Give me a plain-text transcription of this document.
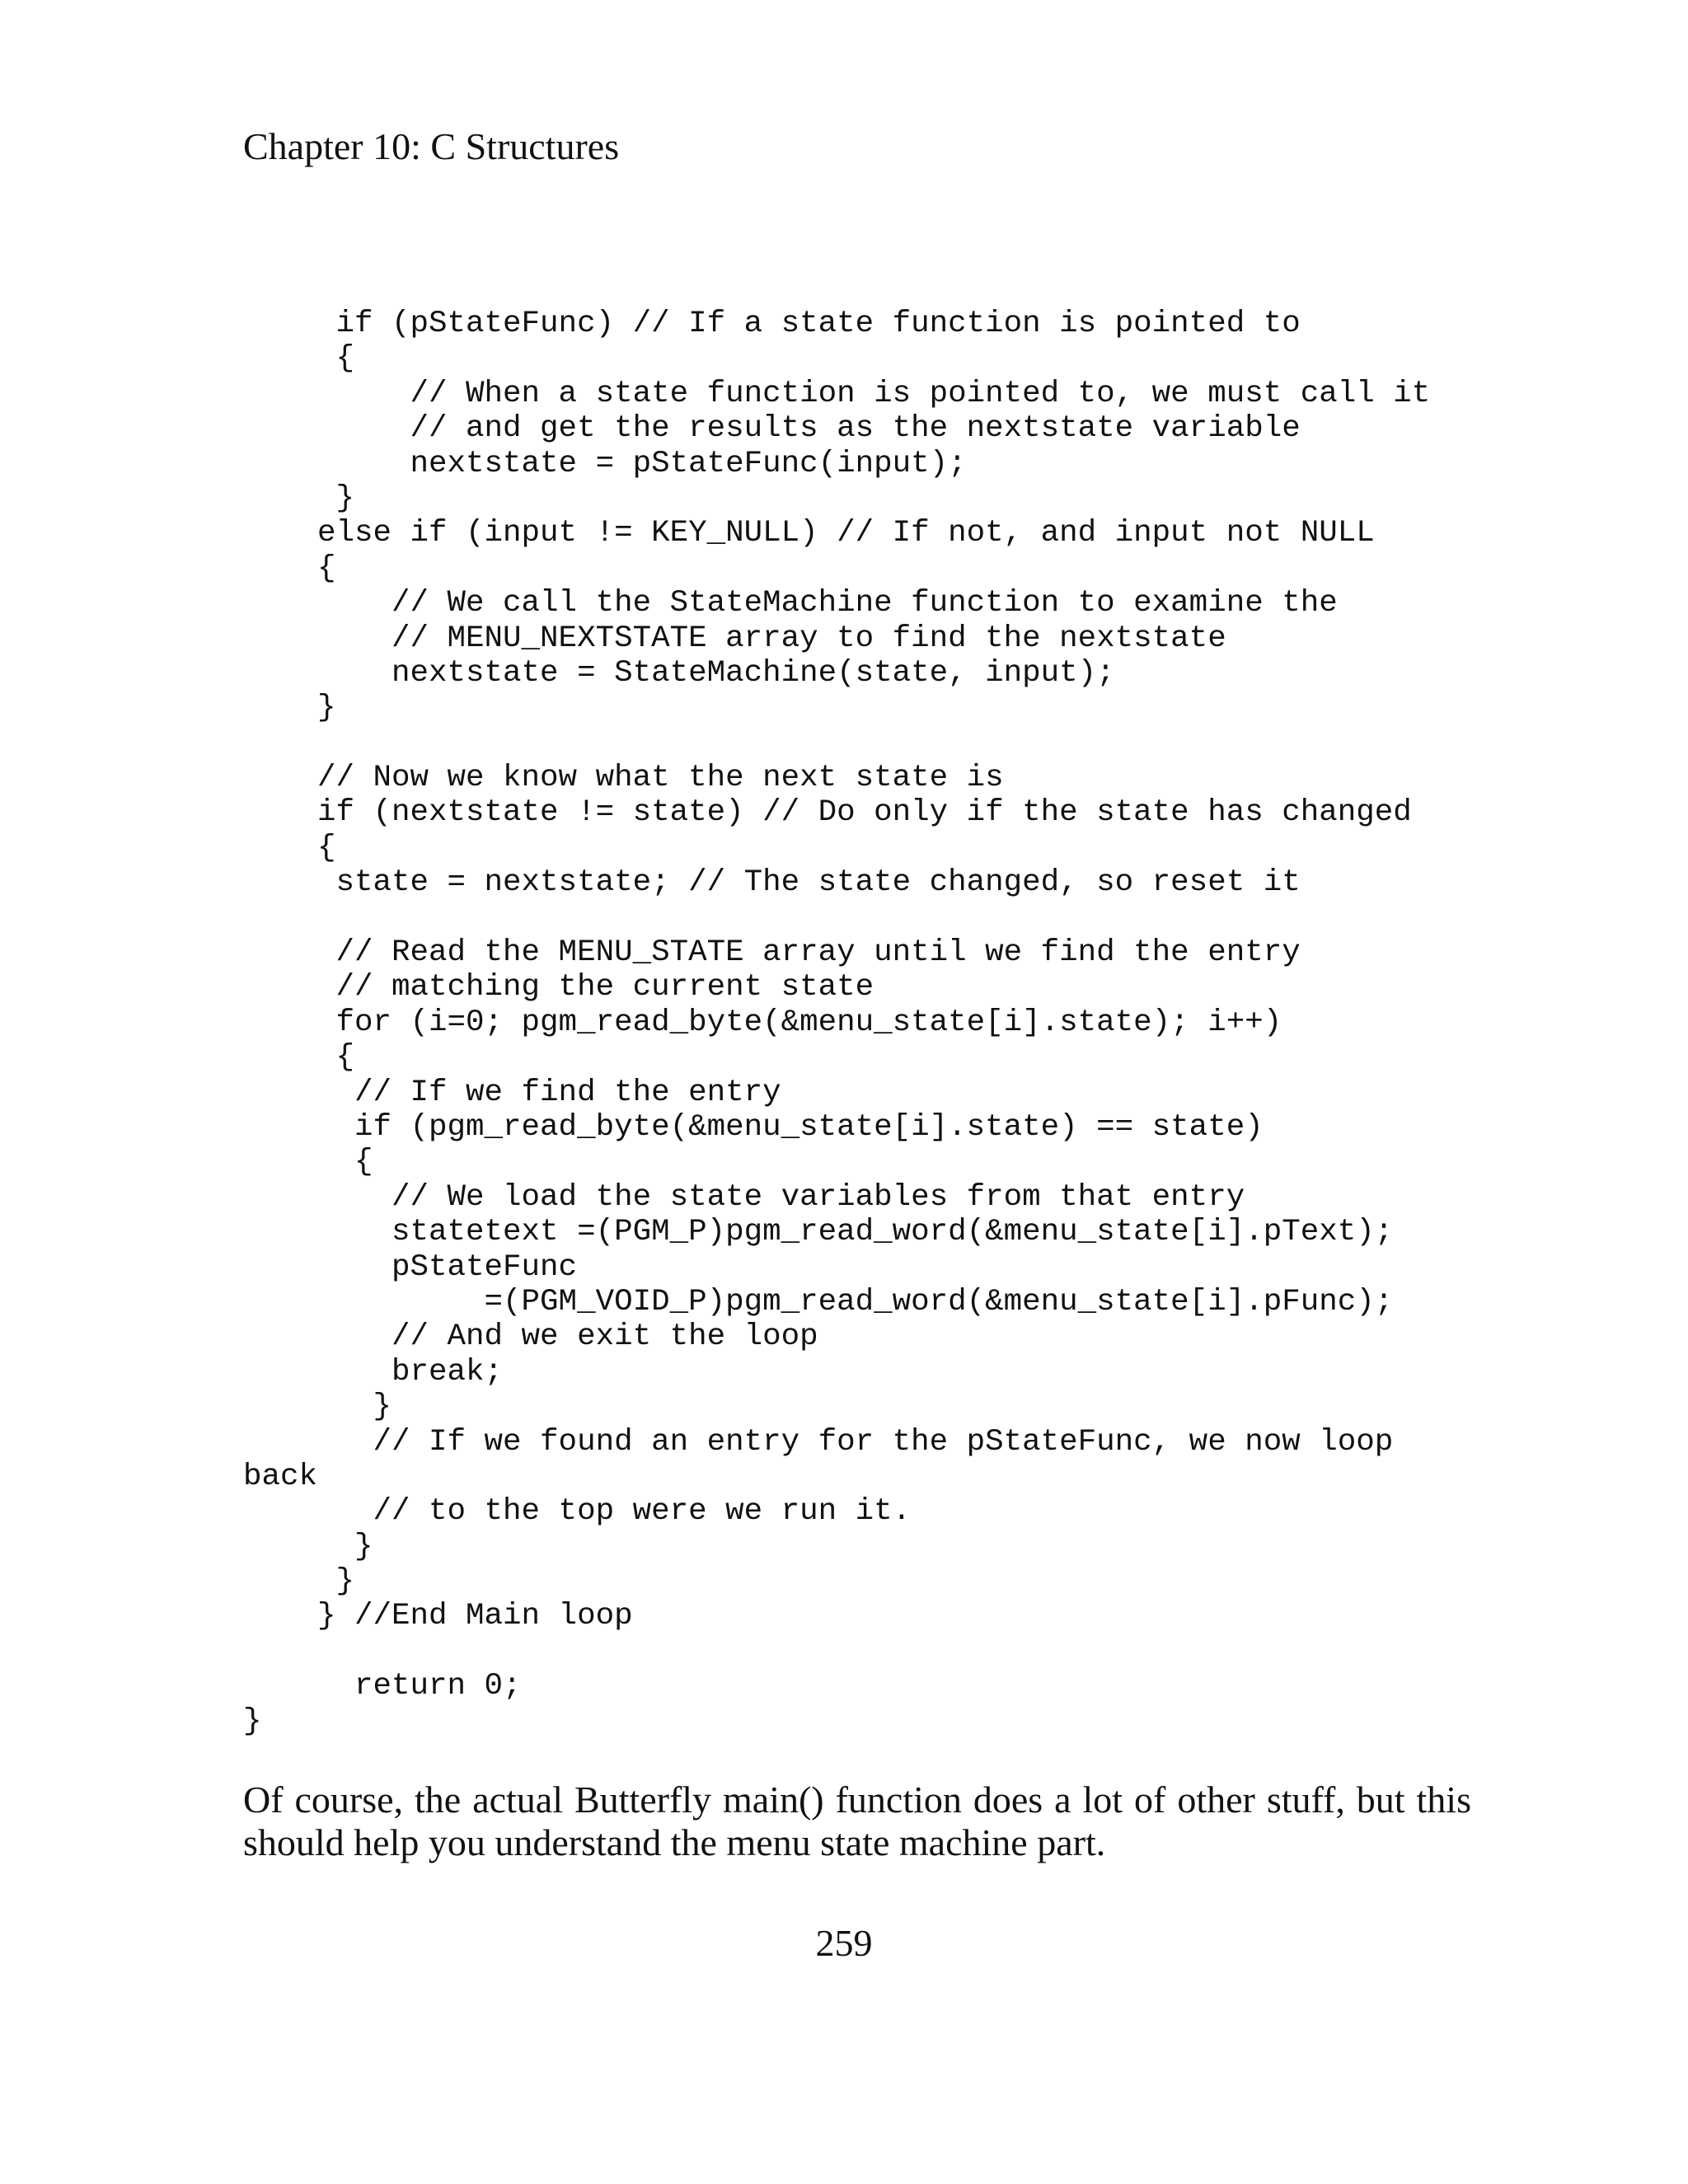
Chapter 10: C Structures
if (pStateFunc) // If a state function is pointed to
{
// When a state function is pointed to, we must call it
// and get the results as the nextstate variable
nextstate = pStateFunc(input);
}
else if (input != KEY_NULL) // If not, and input not NULL
{
// We call the StateMachine function to examine the
// MENU_NEXTSTATE array to find the nextstate
nextstate = StateMachine(state, input);
}
// Now we know what the next state is
if (nextstate != state) // Do only if the state has changed
{
state = nextstate; // The state changed, so reset it
// Read the MENU_STATE array until we find the entry
// matching the current state
for (i=0; pgm_read_byte(&menu_state[i].state); i++)
{
// If we find the entry
if (pgm_read_byte(&menu_state[i].state) == state)
{
// We load the state variables from that entry
statetext =(PGM_P)pgm_read_word(&menu_state[i].pText);
pStateFunc
=(PGM_VOID_P)pgm_read_word(&menu_state[i].pFunc);
// And we exit the loop
break;
}
// If we found an entry for the pStateFunc, we now loop
back
// to the top were we run it.
}
}
} //End Main loop
return 0;
}

Of course, the actual Butterfly main() function does a lot of other stuff, but this should help you understand the menu state machine part.

259
